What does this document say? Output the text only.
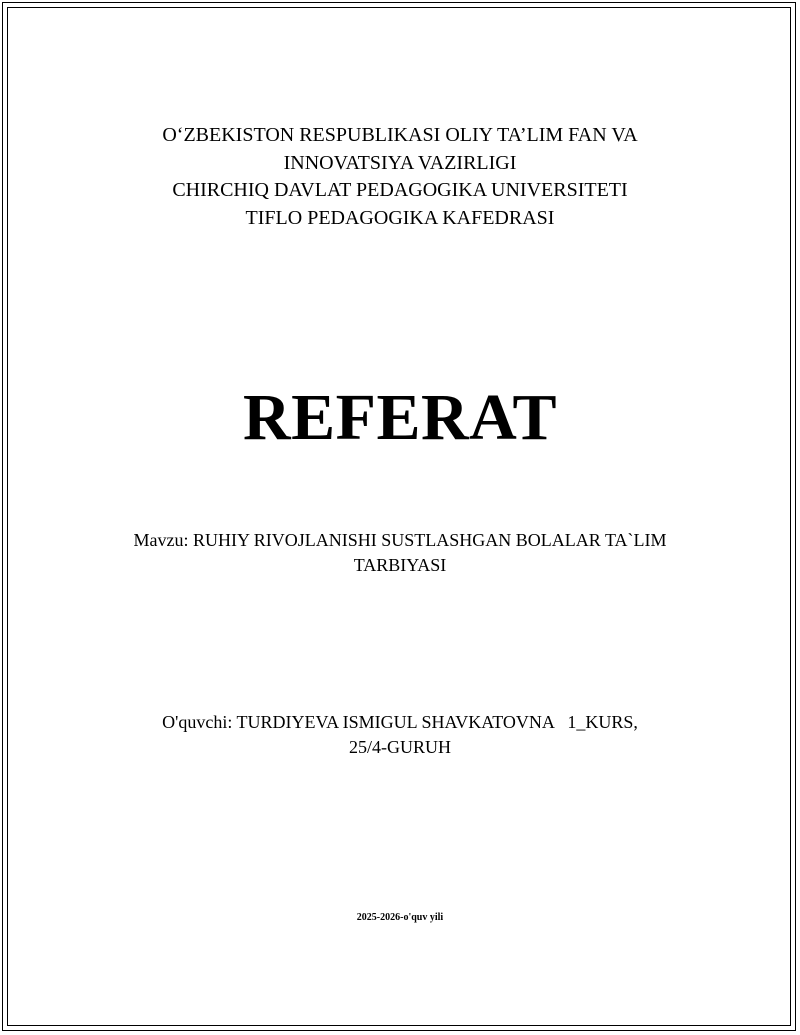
O‘ZBEKISTON RESPUBLIKASI OLIY TA’LIM FAN VA
INNOVATSIYA VAZIRLIGI
CHIRCHIQ DAVLAT PEDAGOGIKA UNIVERSITETI
TIFLO PEDAGOGIKA KAFEDRASI
REFERAT
Mavzu: RUHIY RIVOJLANISHI SUSTLASHGAN BOLALAR TA`LIM
TARBIYASI
O'quvchi: TURDIYEVA ISMIGUL SHAVKATOVNA   1_KURS,
25/4-GURUH
2025-2026-o'quv yili
